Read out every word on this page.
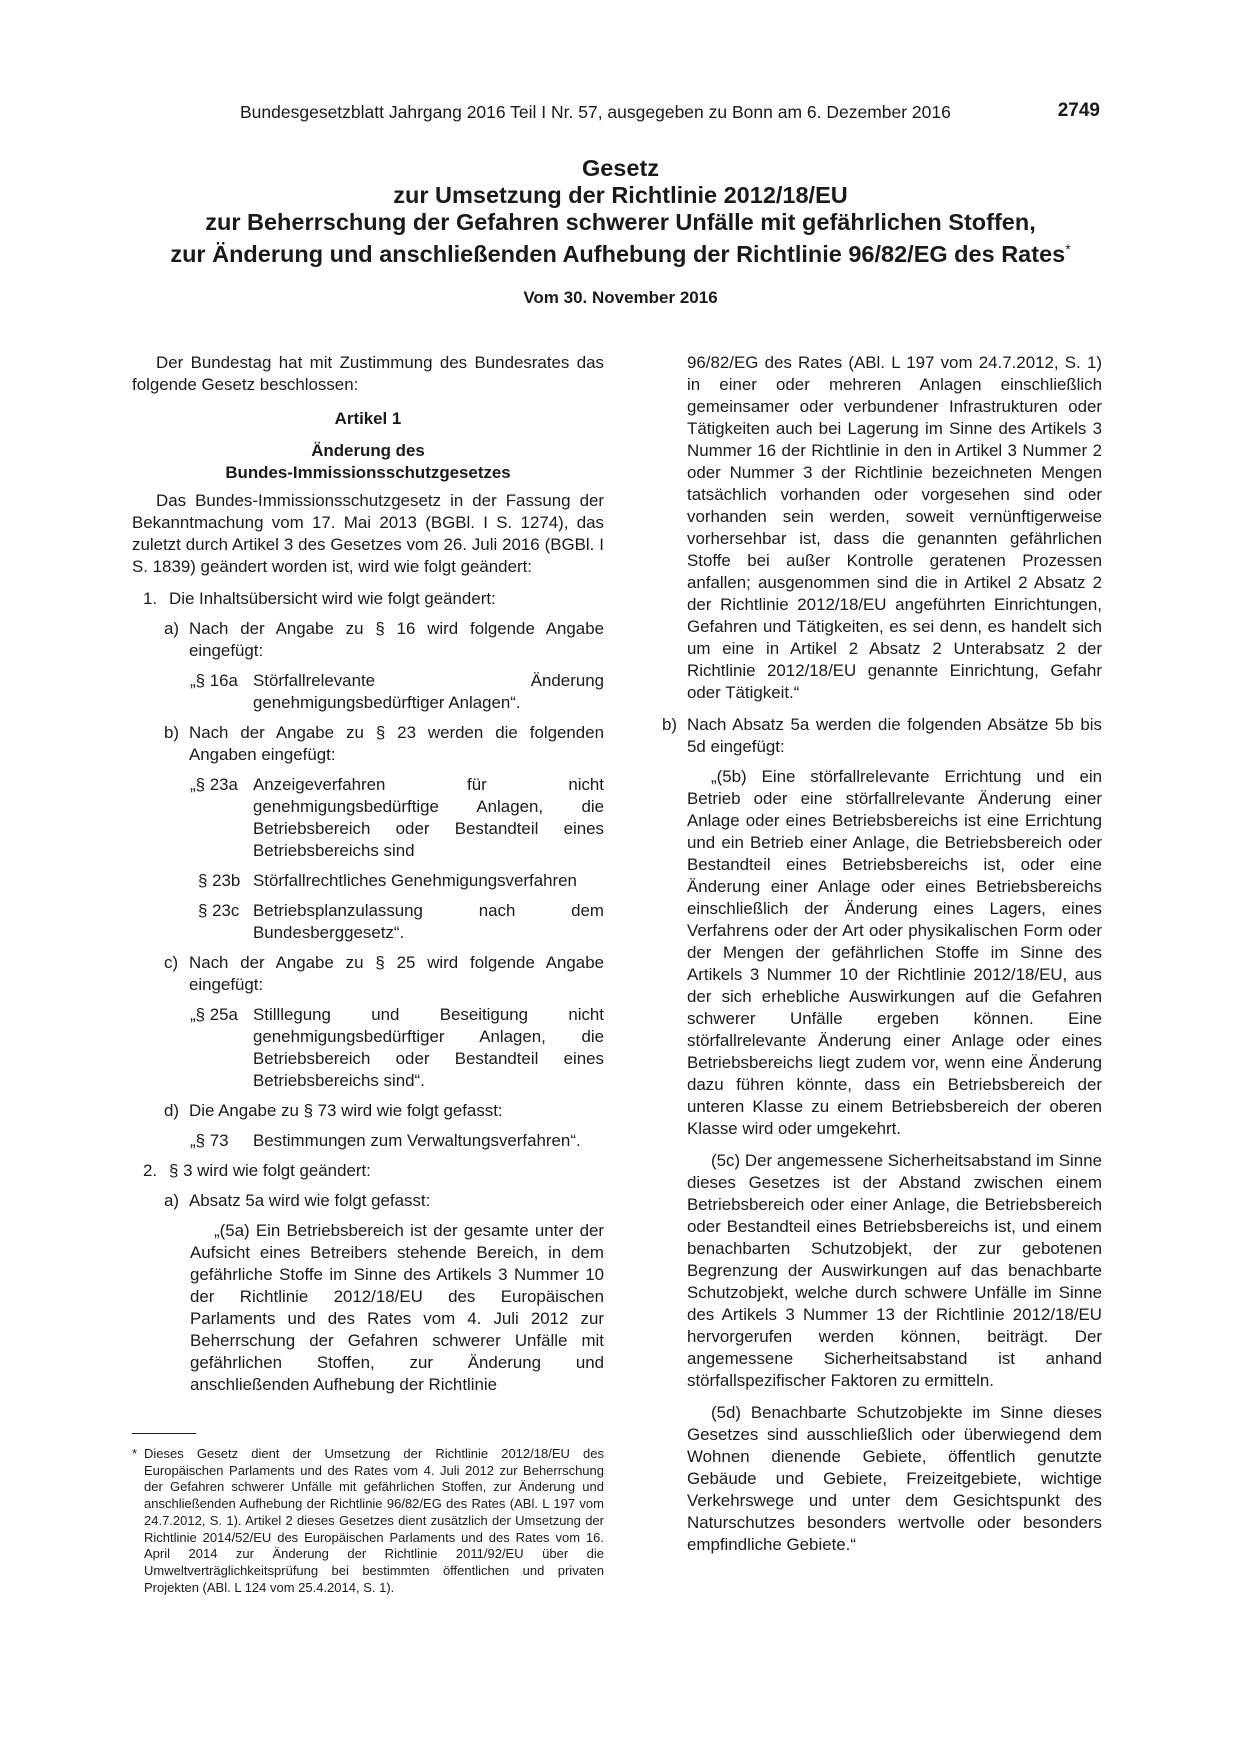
Bundesgesetzblatt Jahrgang 2016 Teil I Nr. 57, ausgegeben zu Bonn am 6. Dezember 2016	2749
Gesetz
zur Umsetzung der Richtlinie 2012/18/EU
zur Beherrschung der Gefahren schwerer Unfälle mit gefährlichen Stoffen,
zur Änderung und anschließenden Aufhebung der Richtlinie 96/82/EG des Rates*
Vom 30. November 2016
Der Bundestag hat mit Zustimmung des Bundesrates das folgende Gesetz beschlossen:
Artikel 1
Änderung des
Bundes-Immissionsschutzgesetzes
Das Bundes-Immissionsschutzgesetz in der Fassung der Bekanntmachung vom 17. Mai 2013 (BGBl. I S. 1274), das zuletzt durch Artikel 3 des Gesetzes vom 26. Juli 2016 (BGBl. I S. 1839) geändert worden ist, wird wie folgt geändert:
1. Die Inhaltsübersicht wird wie folgt geändert:
a) Nach der Angabe zu § 16 wird folgende Angabe eingefügt:
„§ 16a Störfallrelevante Änderung genehmigungsbedürftiger Anlagen“.
b) Nach der Angabe zu § 23 werden die folgenden Angaben eingefügt:
„§ 23a Anzeigeverfahren für nicht genehmigungsbedürftige Anlagen, die Betriebsbereich oder Bestandteil eines Betriebsbereichs sind
§ 23b Störfallrechtliches Genehmigungsverfahren
§ 23c Betriebsplanzulassung nach dem Bundesberggesetz“.
c) Nach der Angabe zu § 25 wird folgende Angabe eingefügt:
„§ 25a Stilllegung und Beseitigung nicht genehmigungsbedürftiger Anlagen, die Betriebsbereich oder Bestandteil eines Betriebsbereichs sind“.
d) Die Angabe zu § 73 wird wie folgt gefasst:
„§ 73	Bestimmungen zum Verwaltungsverfahren“.
2. § 3 wird wie folgt geändert:
a) Absatz 5a wird wie folgt gefasst:
„(5a) Ein Betriebsbereich ist der gesamte unter der Aufsicht eines Betreibers stehende Bereich, in dem gefährliche Stoffe im Sinne des Artikels 3 Nummer 10 der Richtlinie 2012/18/EU des Europäischen Parlaments und des Rates vom 4. Juli 2012 zur Beherrschung der Gefahren schwerer Unfälle mit gefährlichen Stoffen, zur Änderung und anschließenden Aufhebung der Richtlinie
* Dieses Gesetz dient der Umsetzung der Richtlinie 2012/18/EU des Europäischen Parlaments und des Rates vom 4. Juli 2012 zur Beherrschung der Gefahren schwerer Unfälle mit gefährlichen Stoffen, zur Änderung und anschließenden Aufhebung der Richtlinie 96/82/EG des Rates (ABl. L 197 vom 24.7.2012, S. 1). Artikel 2 dieses Gesetzes dient zusätzlich der Umsetzung der Richtlinie 2014/52/EU des Europäischen Parlaments und des Rates vom 16. April 2014 zur Änderung der Richtlinie 2011/92/EU über die Umweltverträglichkeitsprüfung bei bestimmten öffentlichen und privaten Projekten (ABl. L 124 vom 25.4.2014, S. 1).
96/82/EG des Rates (ABl. L 197 vom 24.7.2012, S. 1) in einer oder mehreren Anlagen einschließlich gemeinsamer oder verbundener Infrastrukturen oder Tätigkeiten auch bei Lagerung im Sinne des Artikels 3 Nummer 16 der Richtlinie in den in Artikel 3 Nummer 2 oder Nummer 3 der Richtlinie bezeichneten Mengen tatsächlich vorhanden oder vorgesehen sind oder vorhanden sein werden, soweit vernünftigerweise vorhersehbar ist, dass die genannten gefährlichen Stoffe bei außer Kontrolle geratenen Prozessen anfallen; ausgenommen sind die in Artikel 2 Absatz 2 der Richtlinie 2012/18/EU angeführten Einrichtungen, Gefahren und Tätigkeiten, es sei denn, es handelt sich um eine in Artikel 2 Absatz 2 Unterabsatz 2 der Richtlinie 2012/18/EU genannte Einrichtung, Gefahr oder Tätigkeit.“
b) Nach Absatz 5a werden die folgenden Absätze 5b bis 5d eingefügt:
„(5b) Eine störfallrelevante Errichtung und ein Betrieb oder eine störfallrelevante Änderung einer Anlage oder eines Betriebsbereichs ist eine Errichtung und ein Betrieb einer Anlage, die Betriebsbereich oder Bestandteil eines Betriebsbereichs ist, oder eine Änderung einer Anlage oder eines Betriebsbereichs einschließlich der Änderung eines Lagers, eines Verfahrens oder der Art oder physikalischen Form oder der Mengen der gefährlichen Stoffe im Sinne des Artikels 3 Nummer 10 der Richtlinie 2012/18/EU, aus der sich erhebliche Auswirkungen auf die Gefahren schwerer Unfälle ergeben können. Eine störfallrelevante Änderung einer Anlage oder eines Betriebsbereichs liegt zudem vor, wenn eine Änderung dazu führen könnte, dass ein Betriebsbereich der unteren Klasse zu einem Betriebsbereich der oberen Klasse wird oder umgekehrt.
(5c) Der angemessene Sicherheitsabstand im Sinne dieses Gesetzes ist der Abstand zwischen einem Betriebsbereich oder einer Anlage, die Betriebsbereich oder Bestandteil eines Betriebsbereichs ist, und einem benachbarten Schutzobjekt, der zur gebotenen Begrenzung der Auswirkungen auf das benachbarte Schutzobjekt, welche durch schwere Unfälle im Sinne des Artikels 3 Nummer 13 der Richtlinie 2012/18/EU hervorgerufen werden können, beiträgt. Der angemessene Sicherheitsabstand ist anhand störfallspezifischer Faktoren zu ermitteln.
(5d) Benachbarte Schutzobjekte im Sinne dieses Gesetzes sind ausschließlich oder überwiegend dem Wohnen dienende Gebiete, öffentlich genutzte Gebäude und Gebiete, Freizeitgebiete, wichtige Verkehrswege und unter dem Gesichtspunkt des Naturschutzes besonders wertvolle oder besonders empfindliche Gebiete.“
